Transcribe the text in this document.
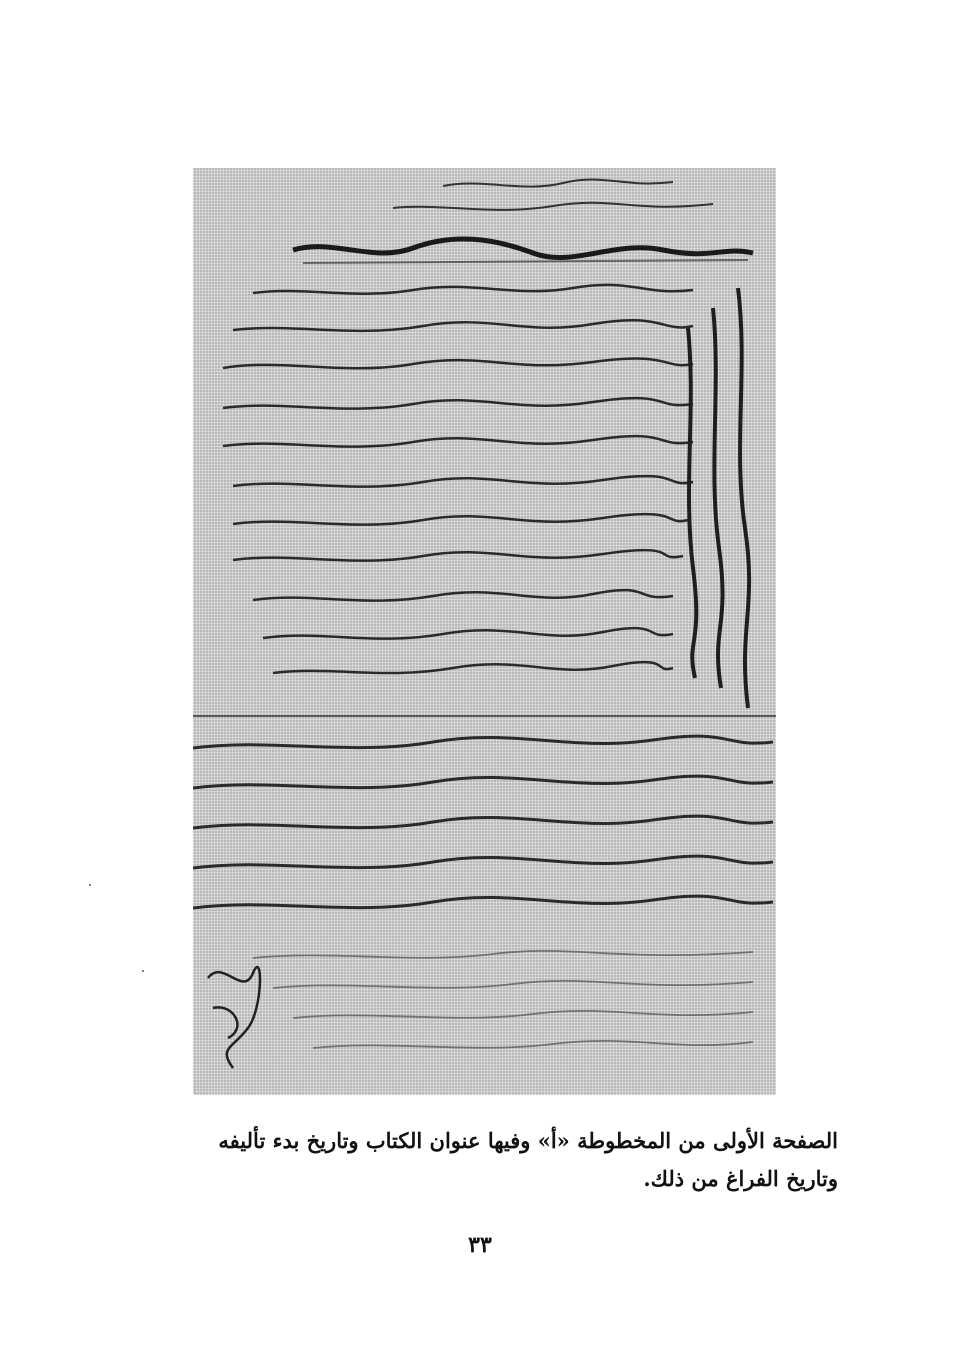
الصفحة الأولى من المخطوطة «أ» وفيها عنوان الكتاب وتاريخ بدء تأليفه
وتاريخ الفراغ من ذلك.
٣٣
